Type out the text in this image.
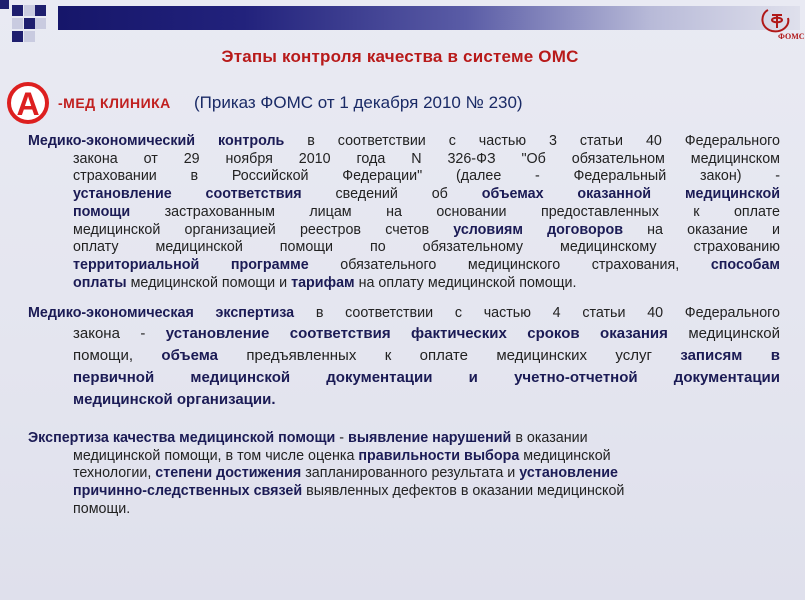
ФОМС
Этапы контроля качества в системе ОМС
А	-МЕД КЛИНИКА (Приказ ФОМС от 1 декабря 2010 № 230)
Медико-экономический контроль в соответствии с частью 3 статьи 40 Федерального
закона от 29 ноября 2010 года N 326-ФЗ "Об обязательном медицинском
страховании в Российской Федерации" (далее - Федеральный закон) -
установление соответствия сведений об объемах оказанной медицинской
помощи застрахованным лицам на основании предоставленных к оплате
медицинской организацией реестров счетов условиям договоров на оказание и
оплату медицинской помощи по обязательному медицинскому страхованию
территориальной программе обязательного медицинского страхования, способам
оплаты медицинской помощи и тарифам на оплату медицинской помощи.
Медико-экономическая экспертиза в соответствии с частью 4 статьи 40 Федерального
закона - установление соответствия фактических сроков оказания медицинской
помощи, объема предъявленных к оплате медицинских услуг записям в
первичной медицинской документации и учетно-отчетной документации
медицинской организации.
Экспертиза качества медицинской помощи - выявление нарушений в оказании
медицинской помощи, в том числе оценка правильности выбора медицинской
технологии, степени достижения запланированного результата и установление
причинно-следственных связей выявленных дефектов в оказании медицинской
помощи.
